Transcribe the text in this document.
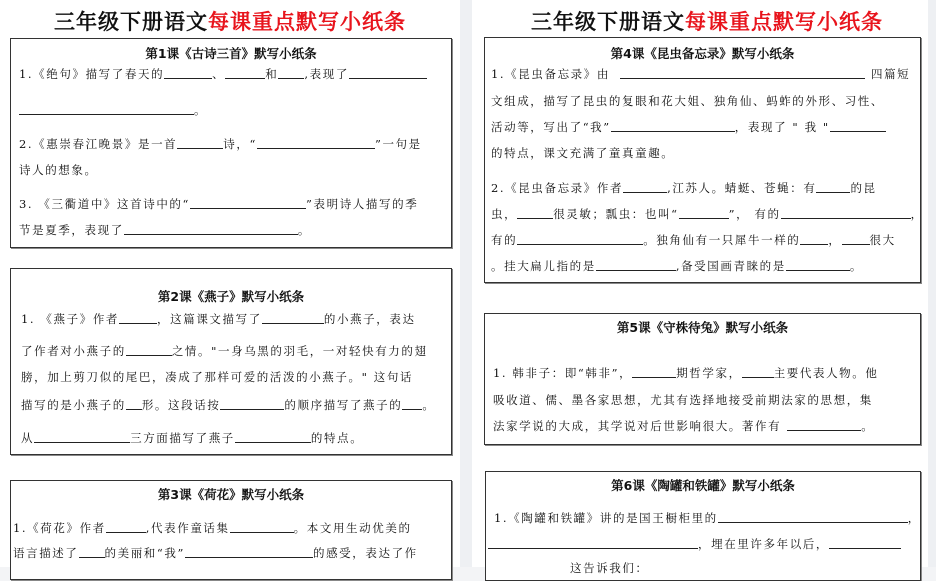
三年级下册语文每课重点默写小纸条
第1课《古诗三首》默写小纸条
1.《绝句》描写了春天的	、	和 ,表现了
。
2.《惠崇春江晚景》是一首	诗，“	”一句是
诗人的想象。
3. 《三衢道中》这首诗中的“	”表明诗人描写的季
节是夏季，表现了	。
第2课《燕子》默写小纸条
1. 《燕子》作者	，这篇课文描写了	的小燕子，表达
了作者对小燕子的	之情。"一身乌黑的羽毛，一对轻快有力的翅
膀，加上剪刀似的尾巴，凑成了那样可爱的活泼的小燕子。" 这句话
描写的是小燕子的 形。这段话按	的顺序描写了燕子的 。
从	三方面描写了燕子	的特点。
第3课《荷花》默写小纸条
1.《荷花》作者	,代表作童话集	。本文用生动优美的
语言描述了 的美丽和“我”	的感受，表达了作
三年级下册语文每课重点默写小纸条
第4课《昆虫备忘录》默写小纸条
1.《昆虫备忘录》由	四篇短
文组成，描写了昆虫的复眼和花大姐、独角仙、蚂蚱的外形、习性、
活动等，写出了“我”	，表现了 " 我 "
的特点，课文充满了童真童趣。
2.《昆虫备忘录》作者	,江苏人。蜻蜓、苍蝇：有	的昆
虫，	很灵敏；瓢虫：也叫“	”， 有的	，
有的	。独角仙有一只犀牛一样的 ， 很大
。挂大扁儿指的是	,备受国画青睐的是	。
第5课《守株待兔》默写小纸条
1. 韩非子：即“韩非”，	期哲学家，	主要代表人物。他
吸收道、儒、墨各家思想，尤其有选择地接受前期法家的思想，集
法家学说的大成，其学说对后世影响很大。著作有	。
第6课《陶罐和铁罐》默写小纸条
1.《陶罐和铁罐》讲的是国王橱柜里的	，
，埋在里许多年以后，
这告诉我们：
